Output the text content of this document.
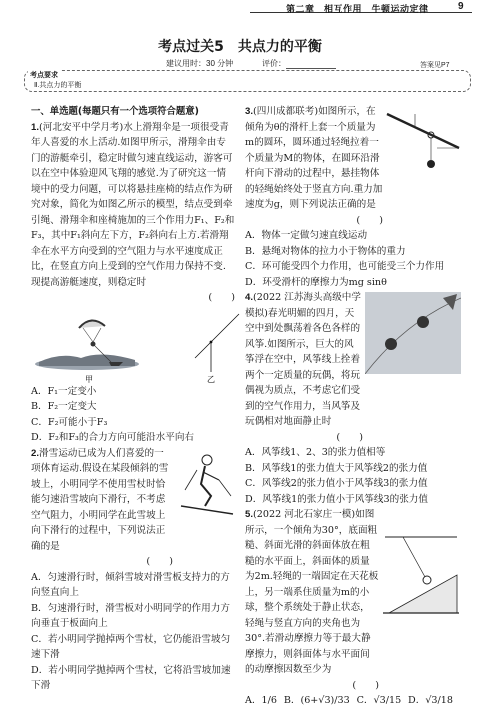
第二章　相互作用　牛顿运动定律	9
考点过关5　共点力的平衡
建议用时：30 分钟	评价：	答案见P7
考点要求
Ⅱ.共点力的平衡

一、单选题(每题只有一个选项符合题意)

1.(河北安平中学月考)水上滑翔伞是一项很受青年人喜爱的水上活动.如图甲所示，滑翔伞由专门的游艇牵引，稳定时做匀速直线运动，游客可以在空中体验迎风飞翔的感觉.为了研究这一情境中的受力问题，可以将悬挂座椅的结点作为研究对象，简化为如图乙所示的模型，结点受到牵引绳、滑翔伞和座椅施加的三个作用力F₁、F₂和F₃，其中F₁斜向左下方，F₂斜向右上方.若滑翔伞在水平方向受到的空气阻力与水平速度成正比，在竖直方向上受到的空气作用力保持不变.现提高游艇速度，则稳定时
(　　)

甲	乙

A．F₁一定变小

B．F₂一定变大

C．F₂可能小于F₃

D．F₂和F₃的合力方向可能沿水平向右

2.滑雪运动已成为人们喜爱的一项体育运动.假设在某段倾斜的雪坡上，小明同学不使用雪杖时恰能匀速沿雪坡向下滑行，不考虑空气阻力，小明同学在此雪坡上向下滑行的过程中，下列说法正确的是
(　　)

A．匀速滑行时，倾斜雪坡对滑雪板支持力的方向竖直向上

B．匀速滑行时，滑雪板对小明同学的作用力方向垂直于板面向上

C．若小明同学抛掉两个雪杖，它仍能沿雪坡匀速下滑

D．若小明同学抛掉两个雪杖，它将沿雪坡加速下滑

3.(四川成都联考)如图所示，在倾角为θ的滑杆上套一个质量为m的圆环，圆环通过轻绳拉着一个质量为M的物体，在圆环沿滑杆向下滑动的过程中，悬挂物体的轻绳始终处于竖直方向.重力加速度为g，则下列说法正确的是
(　　)

A．物体一定做匀速直线运动

B．悬绳对物体的拉力小于物体的重力

C．环可能受四个力作用，也可能受三个力作用

D．环受滑杆的摩擦力为mg sinθ

4.(2022 江苏海头高级中学模拟)春光明媚的四月，天空中到处飘荡着各色各样的风筝.如图所示，巨大的风筝浮在空中，风筝线上拴着两个一定质量的玩偶，将玩偶视为质点，不考虑它们受到的空气作用力，当风筝及玩偶相对地面静止时
(　　)

A．风筝线1、2、3的张力值相等

B．风筝线1的张力值大于风筝线2的张力值

C．风筝线2的张力值小于风筝线3的张力值

D．风筝线1的张力值小于风筝线3的张力值

5.(2022 河北石家庄一模)如图所示，一个倾角为30°，底面粗糙、斜面光滑的斜面体放在粗糙的水平面上，斜面体的质量为2m.轻绳的一端固定在天花板上，另一端系住质量为m的小球，整个系统处于静止状态，轻绳与竖直方向的夹角也为30°.若滑动摩擦力等于最大静摩擦力，则斜面体与水平面间的动摩擦因数至少为
(　　)

A．1/6 B．(6+√3)/33 C．√3/15 D．√3/18
